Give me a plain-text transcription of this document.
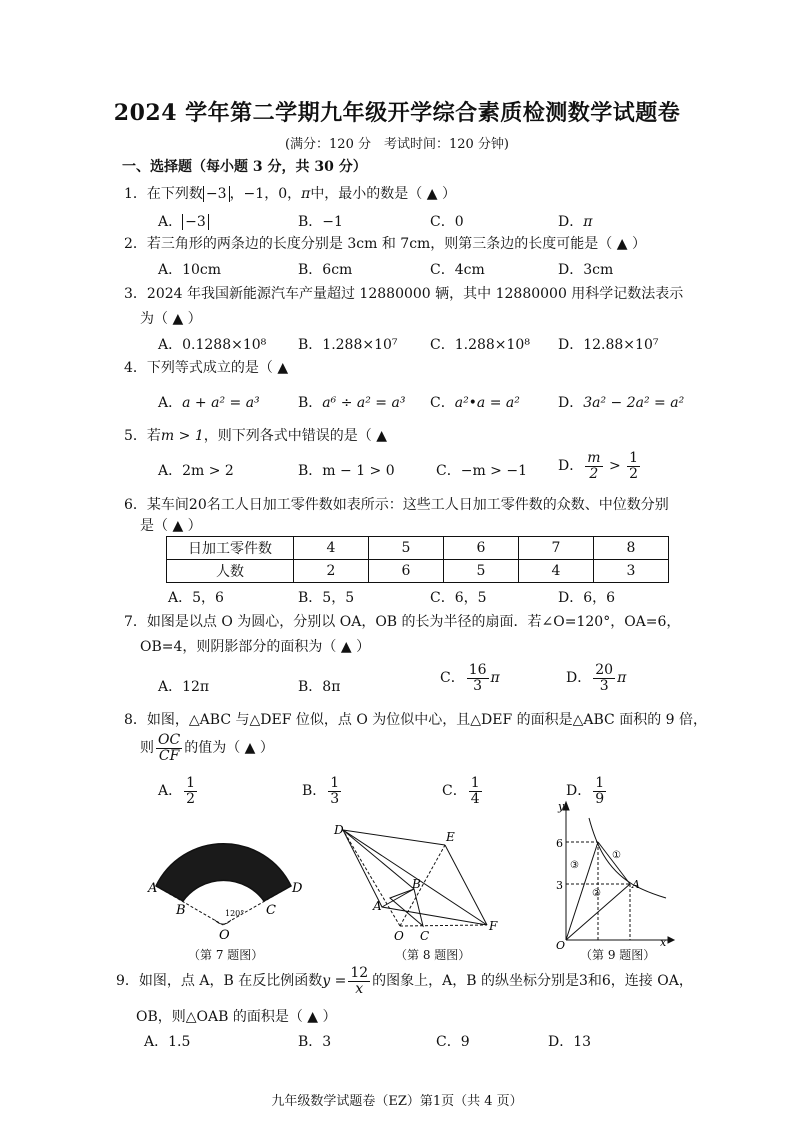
2024 学年第二学期九年级开学综合素质检测数学试题卷
(满分：120 分　考试时间：120 分钟)
一、选择题（每小题 3 分，共 30 分）
1．在下列数 −3 ，−1，0，π中，最小的数是（ ▲ ）
A． −3	B．−1	C．0	D．π
2．若三角形的两条边的长度分别是 3cm 和 7cm，则第三条边的长度可能是（ ▲ ）
A．10cm	B．6cm	C．4cm	D．3cm
3．2024 年我国新能源汽车产量超过 12880000 辆，其中 12880000 用科学记数法表示
为（ ▲ ）
A．0.1288×10⁸ B．1.288×10⁷ C．1.288×10⁸ D．12.88×10⁷
4．下列等式成立的是（ ▲
A．a + a² = a³	B．a⁶ ÷ a² = a³ C．a²•a = a²	D．3a² − 2a² = a²
5．若m > 1，则下列各式中错误的是（ ▲
A．2m > 2	B．m − 1 > 0	C．−m > −1 D． $\frac{m}{2} > \frac{1}{2}$
6．某车间20名工人日加工零件数如表所示：这些工人日加工零件数的众数、中位数分别
是（ ▲ ）
日加工零件数	4	5	6	7	8
人数	2	6	5	4	3
A．5，6	B．5，5	C．6，5	D．6，6
7．如图是以点 O 为圆心，分别以 OA，OB 的长为半径的扇面．若∠O=120°，OA=6，
OB=4，则阴影部分的面积为（ ▲ ）
A．12π	B．8π
C． $\frac{16}{3}$ π	D． $\frac{20}{3}$ π
8．如图，△ABC 与△DEF 位似，点 O 为位似中心，且△DEF 的面积是△ABC 面积的 9 倍，
则 $\frac{OC}{CF}$ 的值为（ ▲ ）
A． $\frac{1}{2}$	B． $\frac{1}{3}$	C． $\frac{1}{4}$	D． $\frac{1}{9}$
A
B	C
D
O
120°
（第 7 题图）
D	E
A
B
C
F
O
（第 8 题图）
y
x
O
A
6
3
①
②
③
（第 9 题图）
9．如图，点 A，B 在反比例函数$y = \frac{12}{x}$ 的图象上，A，B 的纵坐标分别是3和6，连接 OA，
OB，则△OAB 的面积是（ ▲ ）
A．1.5	B．3	C．9	D．13
九年级数学试题卷（EZ）第1页（共 4 页）
